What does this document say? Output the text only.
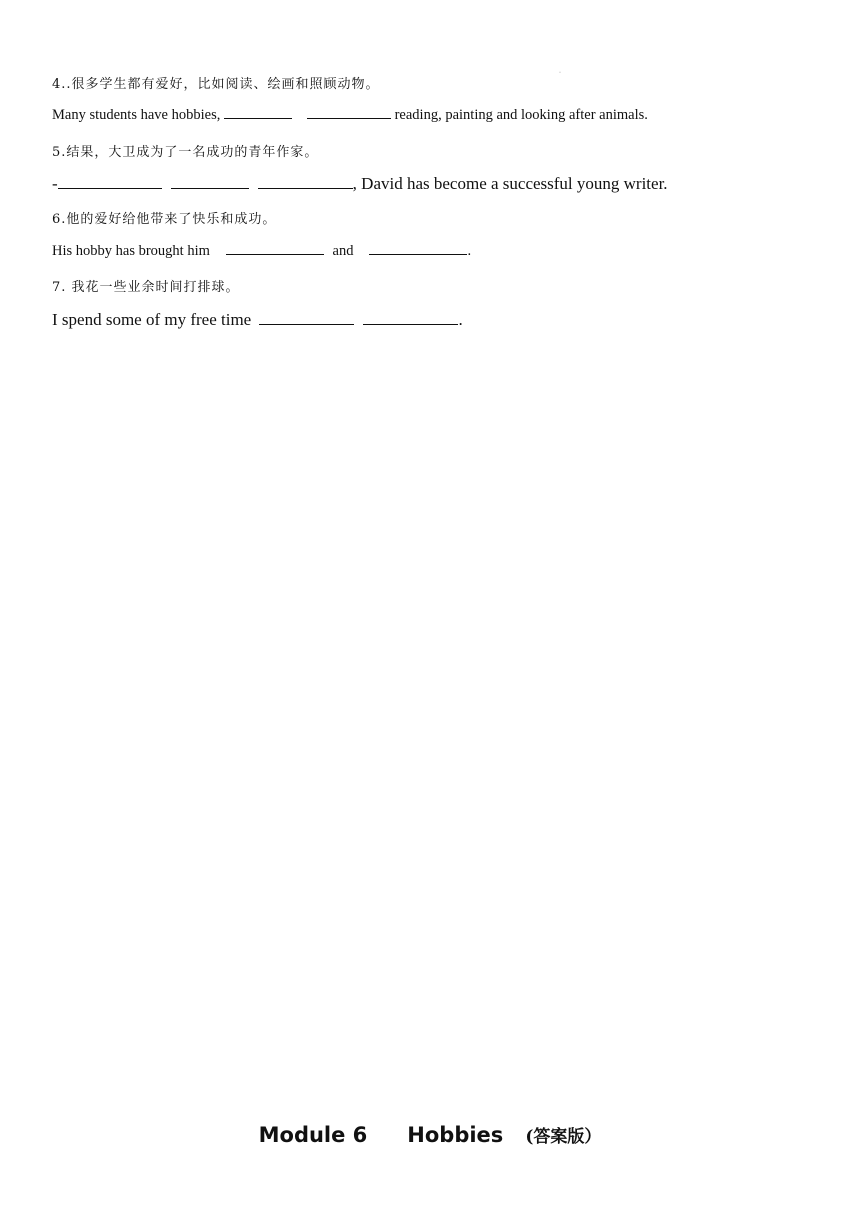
·
4..很多学生都有爱好，比如阅读、绘画和照顾动物。
Many students have hobbies,	reading, painting and looking after animals.
5.结果，大卫成为了一名成功的青年作家。
-	, David has become a successful young writer.
6.他的爱好给他带来了快乐和成功。
His hobby has brought him	and	.
7. 我花一些业余时间打排球。
I spend some of my free time	.
Module 6 Hobbies (答案版）
